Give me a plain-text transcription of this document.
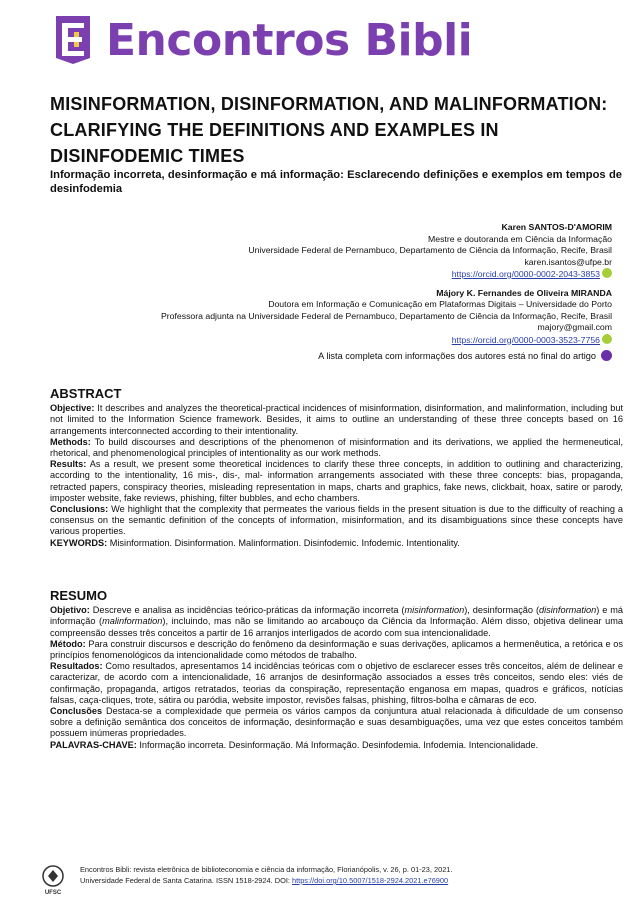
Encontros Bibli
MISINFORMATION, DISINFORMATION, AND MALINFORMATION: CLARIFYING THE DEFINITIONS AND EXAMPLES IN DISINFODEMIC TIMES
Informação incorreta, desinformação e má informação: Esclarecendo definições e exemplos em tempos de desinfodemia
Karen SANTOS-D'AMORIM
Mestre e doutoranda em Ciência da Informação
Universidade Federal de Pernambuco, Departamento de Ciência da Informação, Recife, Brasil
karen.isantos@ufpe.br
https://orcid.org/0000-0002-2043-3853
Májory K. Fernandes de Oliveira MIRANDA
Doutora em Informação e Comunicação em Plataformas Digitais – Universidade do Porto
Professora adjunta na Universidade Federal de Pernambuco, Departamento de Ciência da Informação, Recife, Brasil
majory@gmail.com
https://orcid.org/0000-0003-3523-7756
A lista completa com informações dos autores está no final do artigo
ABSTRACT

Objective: It describes and analyzes the theoretical-practical incidences of misinformation, disinformation, and malinformation, including but not limited to the Information Science framework. Besides, it aims to outline an understanding of these three concepts based on 16 arrangements interconnected according to their intentionality.

Methods: To build discourses and descriptions of the phenomenon of misinformation and its derivations, we applied the hermeneutical, rhetorical, and phenomenological principles of intentionality as our work methods.

Results: As a result, we present some theoretical incidences to clarify these three concepts, in addition to outlining and characterizing, according to the intentionality, 16 mis-, dis-, mal- information arrangements associated with these three concepts: bias, propaganda, retracted papers, conspiracy theories, misleading representation in maps, charts and graphics, fake news, clickbait, hoax, satire or parody, imposter website, fake reviews, phishing, filter bubbles, and echo chambers.

Conclusions: We highlight that the complexity that permeates the various fields in the present situation is due to the difficulty of reaching a consensus on the semantic definition of the concepts of information, misinformation, and its disambiguations since these concepts have various properties.

KEYWORDS: Misinformation. Disinformation. Malinformation. Disinfodemic. Infodemic. Intentionality.

RESUMO

Objetivo: Descreve e analisa as incidências teórico-práticas da informação incorreta (misinformation), desinformação (disinformation) e má informação (malinformation), incluindo, mas não se limitando ao arcabouço da Ciência da Informação. Além disso, objetiva delinear uma compreensão desses três conceitos a partir de 16 arranjos interligados de acordo com sua intencionalidade.

Método: Para construir discursos e descrição do fenômeno da desinformação e suas derivações, aplicamos a hermenêutica, a retórica e os princípios fenomenológicos da intencionalidade como métodos de trabalho.

Resultados: Como resultados, apresentamos 14 incidências teóricas com o objetivo de esclarecer esses três conceitos, além de delinear e caracterizar, de acordo com a intencionalidade, 16 arranjos de desinformação associados a esses três conceitos, sendo eles: viés de confirmação, propaganda, artigos retratados, teorias da conspiração, representação enganosa em mapas, quadros e gráficos, notícias falsas, caça-cliques, trote, sátira ou paródia, website impostor, revisões falsas, phishing, filtros-bolha e câmaras de eco.

Conclusões Destaca-se a complexidade que permeia os vários campos da conjuntura atual relacionada à dificuldade de um consenso sobre a definição semântica dos conceitos de informação, desinformação e suas desambiguações, uma vez que estes conceitos também possuem inúmeras propriedades.

PALAVRAS-CHAVE: Informação incorreta. Desinformação. Má Informação. Desinfodemia. Infodemia. Intencionalidade.

UFSC
Encontros Bibli: revista eletrônica de biblioteconomia e ciência da informação, Florianópolis, v. 26, p. 01-23, 2021.
Universidade Federal de Santa Catarina. ISSN 1518-2924. DOI: https://doi.org/10.5007/1518-2924.2021.e76900
